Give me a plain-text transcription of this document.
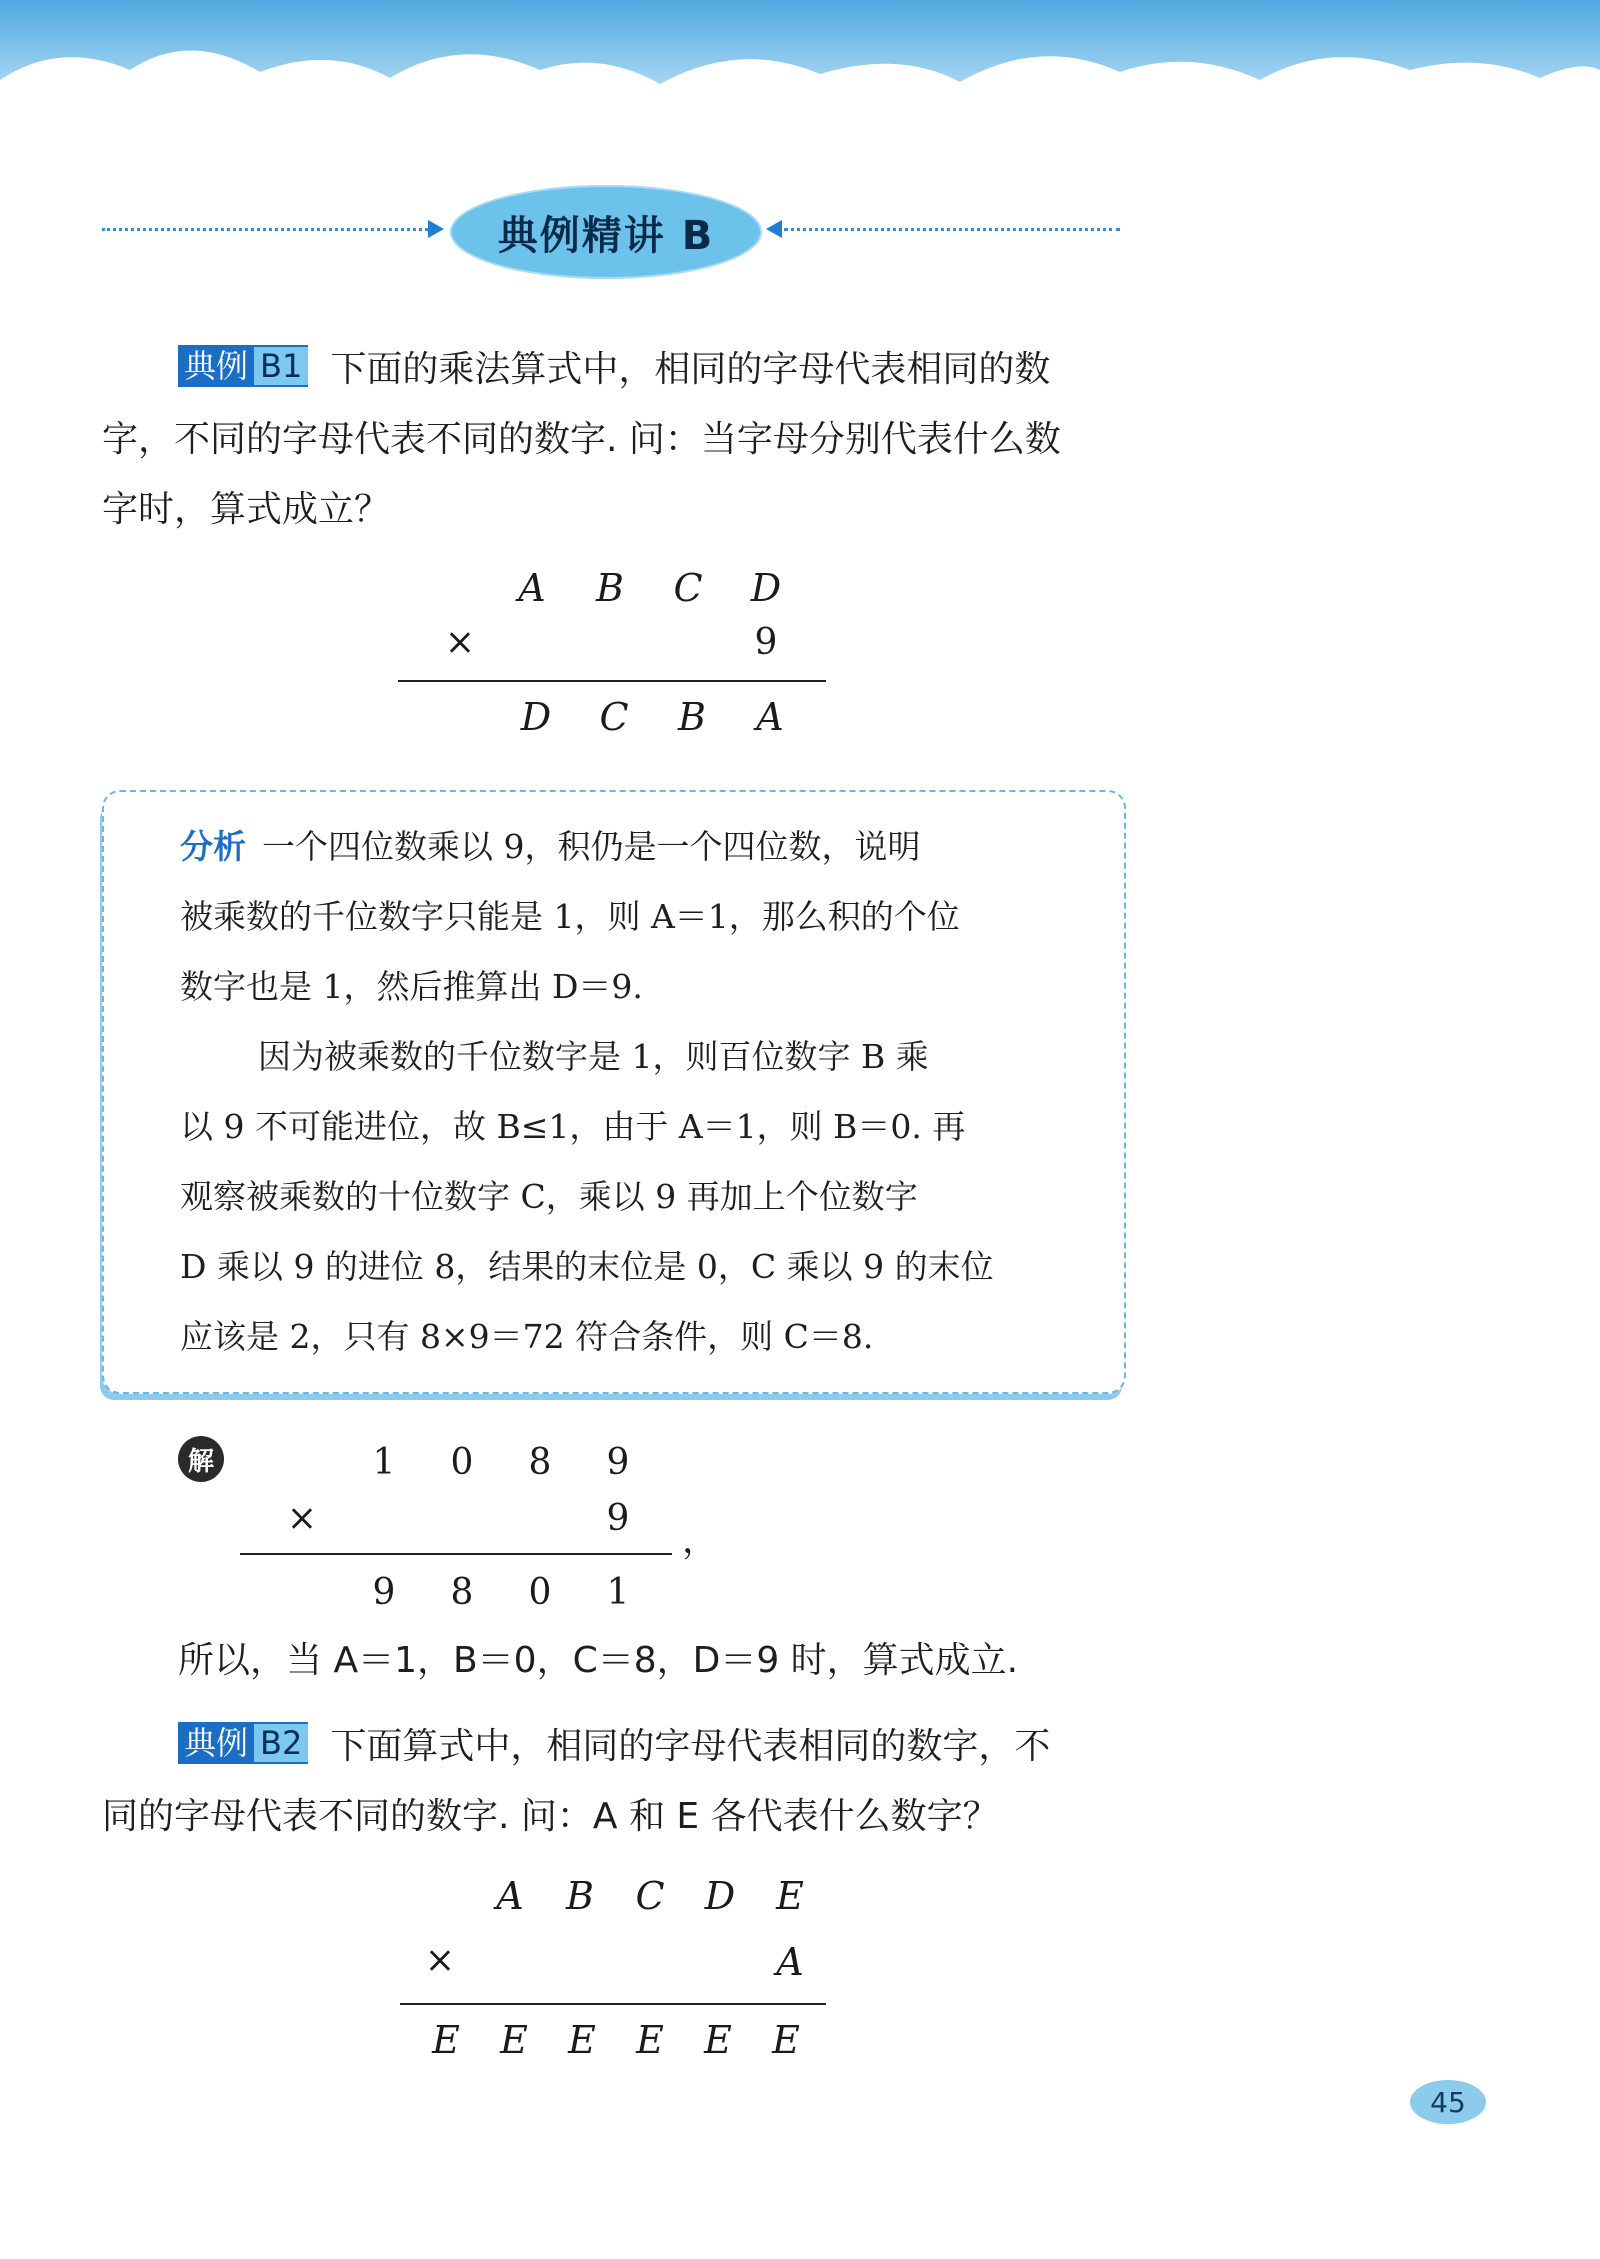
典例精讲 B
典例 B1 下面的乘法算式中，相同的字母代表相同的数
字，不同的字母代表不同的数字. 问：当字母分别代表什么数
字时，算式成立？
A B C D
×	9
D C B A
分析 一个四位数乘以 9，积仍是一个四位数，说明
被乘数的千位数字只能是 1，则 A＝1，那么积的个位
数字也是 1，然后推算出 D＝9.
因为被乘数的千位数字是 1，则百位数字 B 乘
以 9 不可能进位，故 B≤1，由于 A＝1，则 B＝0. 再
观察被乘数的十位数字 C，乘以 9 再加上个位数字
D 乘以 9 的进位 8，结果的末位是 0，C 乘以 9 的末位
应该是 2，只有 8×9＝72 符合条件，则 C＝8.
解	1 0 8 9
×	9
，
9 8 0 1
所以，当 A＝1，B＝0，C＝8，D＝9 时，算式成立.
典例 B2 下面算式中，相同的字母代表相同的数字，不
同的字母代表不同的数字. 问：A 和 E 各代表什么数字？
A B C D E
×	A
E E E E E E
45
